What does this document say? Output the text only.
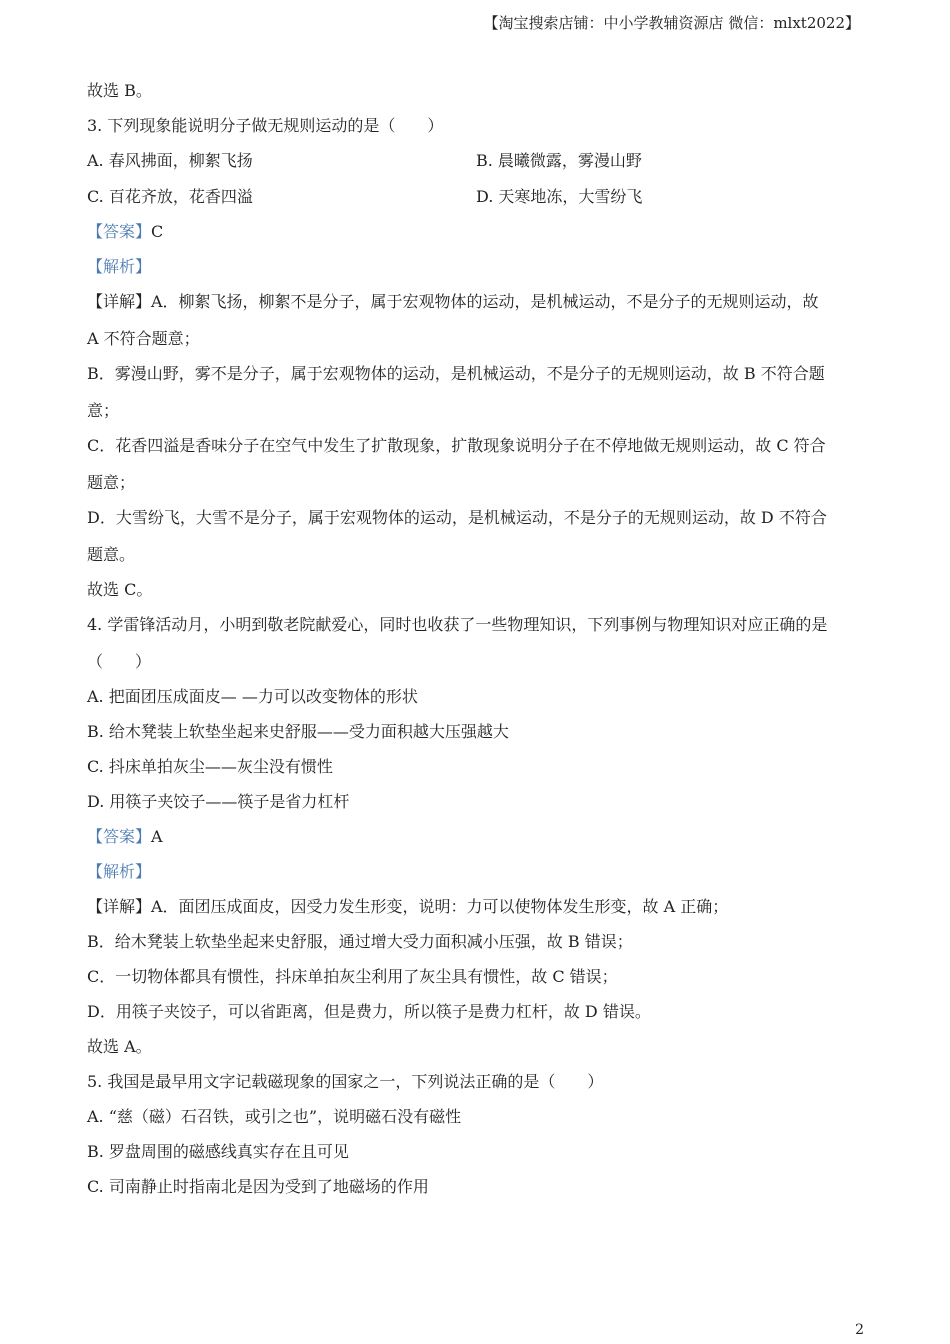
【淘宝搜索店铺：中小学教辅资源店 微信：mlxt2022】
故选 B。
3. 下列现象能说明分子做无规则运动的是（　　）
A. 春风拂面，柳絮飞扬	B. 晨曦微露，雾漫山野
C. 百花齐放，花香四溢	D. 天寒地冻，大雪纷飞
【答案】C
【解析】
【详解】A．柳絮飞扬，柳絮不是分子，属于宏观物体的运动，是机械运动，不是分子的无规则运动，故
A 不符合题意；
B．雾漫山野，雾不是分子，属于宏观物体的运动，是机械运动，不是分子的无规则运动，故 B 不符合题
意；
C．花香四溢是香味分子在空气中发生了扩散现象，扩散现象说明分子在不停地做无规则运动，故 C 符合
题意；
D．大雪纷飞，大雪不是分子，属于宏观物体的运动，是机械运动，不是分子的无规则运动，故 D 不符合
题意。
故选 C。
4. 学雷锋活动月，小明到敬老院献爱心，同时也收获了一些物理知识，下列事例与物理知识对应正确的是
（　　）
A. 把面团压成面皮— —力可以改变物体的形状
B. 给木凳装上软垫坐起来史舒服——受力面积越大压强越大
C. 抖床单拍灰尘——灰尘没有惯性
D. 用筷子夹饺子——筷子是省力杠杆
【答案】A
【解析】
【详解】A．面团压成面皮，因受力发生形变，说明：力可以使物体发生形变，故 A 正确；
B．给木凳装上软垫坐起来史舒服，通过增大受力面积减小压强，故 B 错误；
C．一切物体都具有惯性，抖床单拍灰尘利用了灰尘具有惯性，故 C 错误；
D．用筷子夹饺子，可以省距离，但是费力，所以筷子是费力杠杆，故 D 错误。
故选 A。
5. 我国是最早用文字记载磁现象的国家之一，下列说法正确的是（　　）
A. “慈（磁）石召铁，或引之也”，说明磁石没有磁性
B. 罗盘周围的磁感线真实存在且可见
C. 司南静止时指南北是因为受到了地磁场的作用
2
